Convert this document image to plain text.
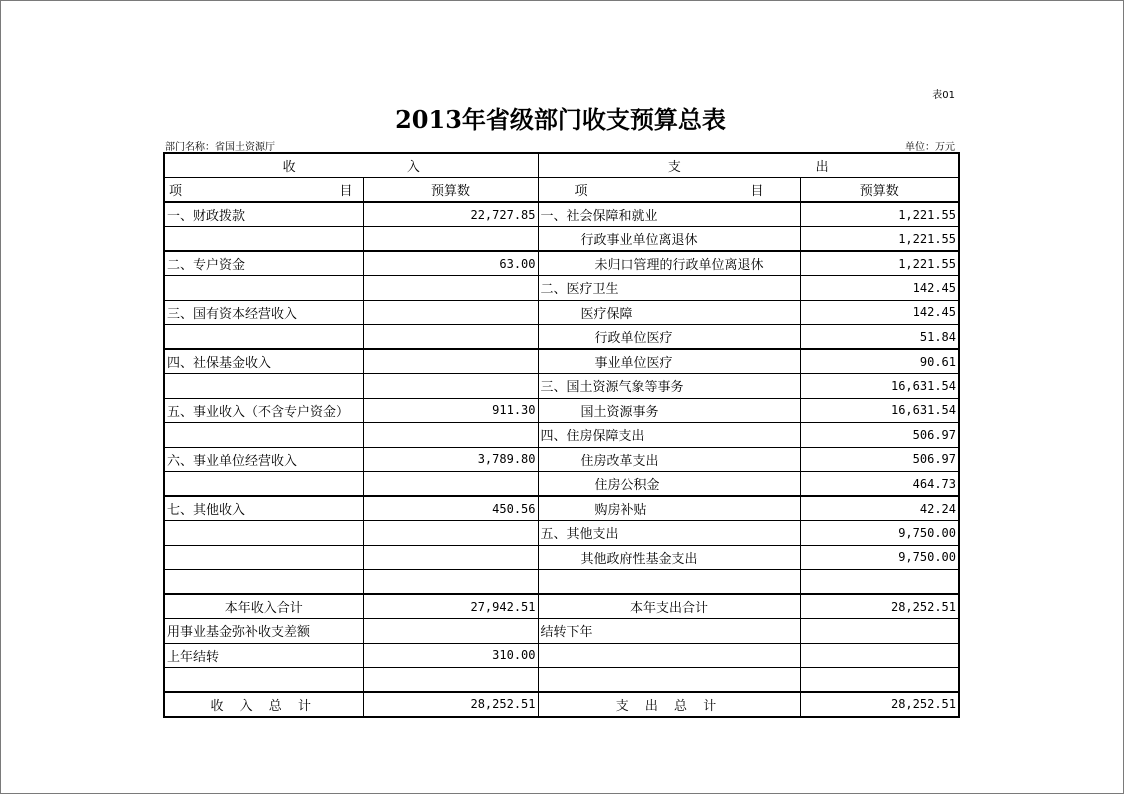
表01
2013年省级部门收支预算总表
部门名称：省国土资源厅	单位：万元
收 入		支 出	

项 目	预算数	项 目	预算数
一、财政拨款	22,727.85	一、社会保障和就业	1,221.55
		行政事业单位离退休	1,221.55
二、专户资金	63.00	未归口管理的行政单位离退休	1,221.55
		二、医疗卫生	142.45
三、国有资本经营收入		医疗保障	142.45
		行政单位医疗	51.84
四、社保基金收入		事业单位医疗	90.61
		三、国土资源气象等事务	16,631.54
五、事业收入（不含专户资金）	911.30	国土资源事务	16,631.54
		四、住房保障支出	506.97
六、事业单位经营收入	3,789.80	住房改革支出	506.97
		住房公积金	464.73
七、其他收入	450.56	购房补贴	42.24
		五、其他支出	9,750.00
		其他政府性基金支出	9,750.00

本年收入合计	27,942.51	本年支出合计	28,252.51
用事业基金弥补收支差额		结转下年	
上年结转	310.00		

收 入 总 计	28,252.51	支 出 总 计	28,252.51
